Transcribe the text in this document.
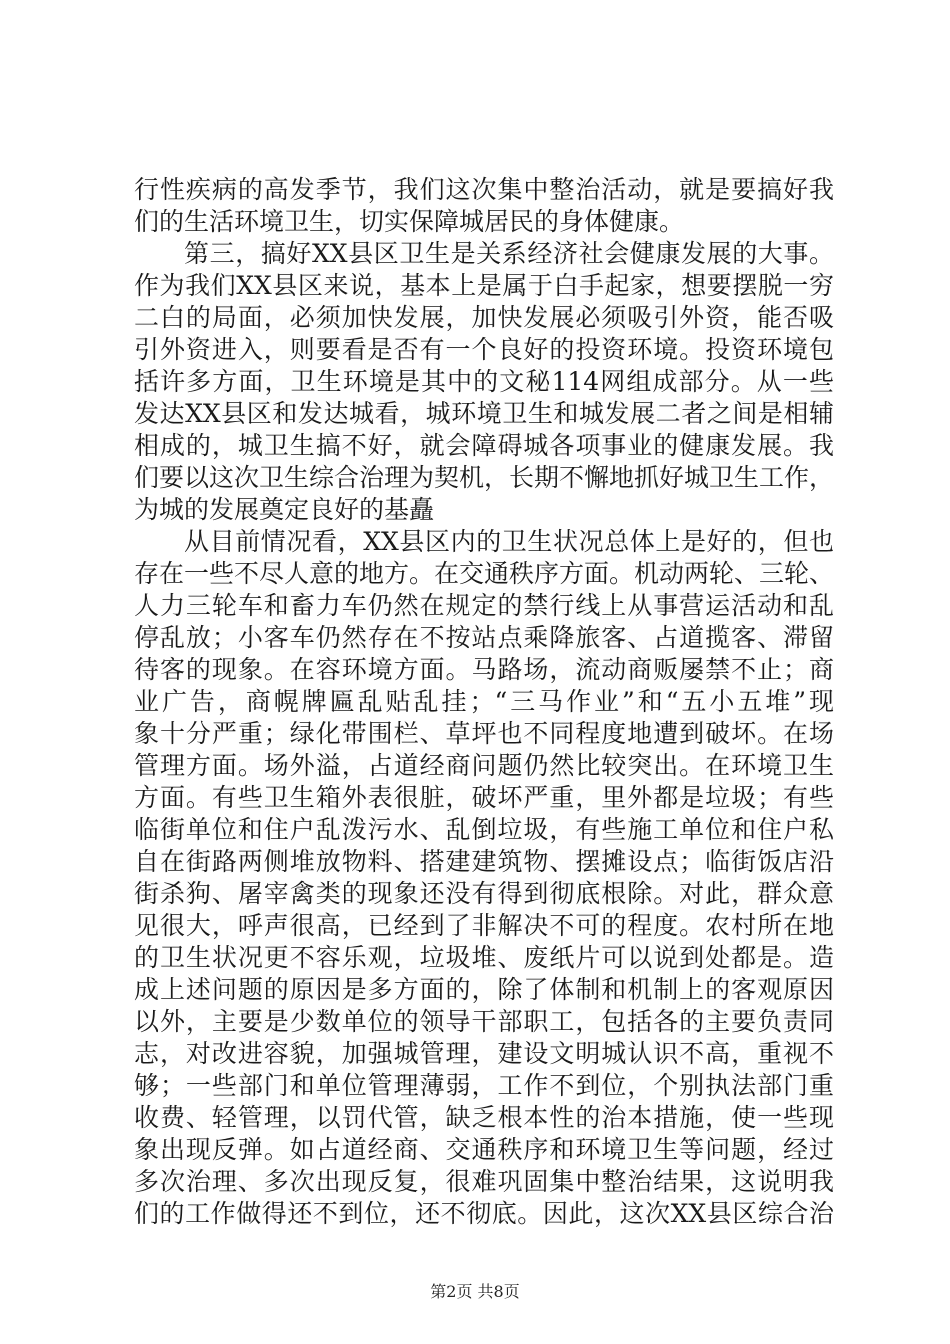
行性疾病的高发季节，我们这次集中整治活动，就是要搞好我
们的生活环境卫生，切实保障城居民的身体健康。
第三，搞好XX县区卫生是关系经济社会健康发展的大事。
作为我们XX县区来说，基本上是属于白手起家，想要摆脱一穷
二白的局面，必须加快发展，加快发展必须吸引外资，能否吸
引外资进入，则要看是否有一个良好的投资环境。投资环境包
括许多方面，卫生环境是其中的文秘114网组成部分。从一些
发达XX县区和发达城看，城环境卫生和城发展二者之间是相辅
相成的，城卫生搞不好，就会障碍城各项事业的健康发展。我
们要以这次卫生综合治理为契机，长期不懈地抓好城卫生工作，
为城的发展奠定良好的基矗
从目前情况看，XX县区内的卫生状况总体上是好的，但也
存在一些不尽人意的地方。在交通秩序方面。机动两轮、三轮、
人力三轮车和畜力车仍然在规定的禁行线上从事营运活动和乱
停乱放；小客车仍然存在不按站点乘降旅客、占道揽客、滞留
待客的现象。在容环境方面。马路场，流动商贩屡禁不止；商
业广告，商幌牌匾乱贴乱挂；“三马作业”和“五小五堆”现
象十分严重；绿化带围栏、草坪也不同程度地遭到破坏。在场
管理方面。场外溢，占道经商问题仍然比较突出。在环境卫生
方面。有些卫生箱外表很脏，破坏严重，里外都是垃圾；有些
临街单位和住户乱泼污水、乱倒垃圾，有些施工单位和住户私
自在街路两侧堆放物料、搭建建筑物、摆摊设点；临街饭店沿
街杀狗、屠宰禽类的现象还没有得到彻底根除。对此，群众意
见很大，呼声很高，已经到了非解决不可的程度。农村所在地
的卫生状况更不容乐观，垃圾堆、废纸片可以说到处都是。造
成上述问题的原因是多方面的，除了体制和机制上的客观原因
以外，主要是少数单位的领导干部职工，包括各的主要负责同
志，对改进容貌，加强城管理，建设文明城认识不高，重视不
够；一些部门和单位管理薄弱，工作不到位，个别执法部门重
收费、轻管理，以罚代管，缺乏根本性的治本措施，使一些现
象出现反弹。如占道经商、交通秩序和环境卫生等问题，经过
多次治理、多次出现反复，很难巩固集中整治结果，这说明我
们的工作做得还不到位，还不彻底。因此，这次XX县区综合治
第2页 共8页
